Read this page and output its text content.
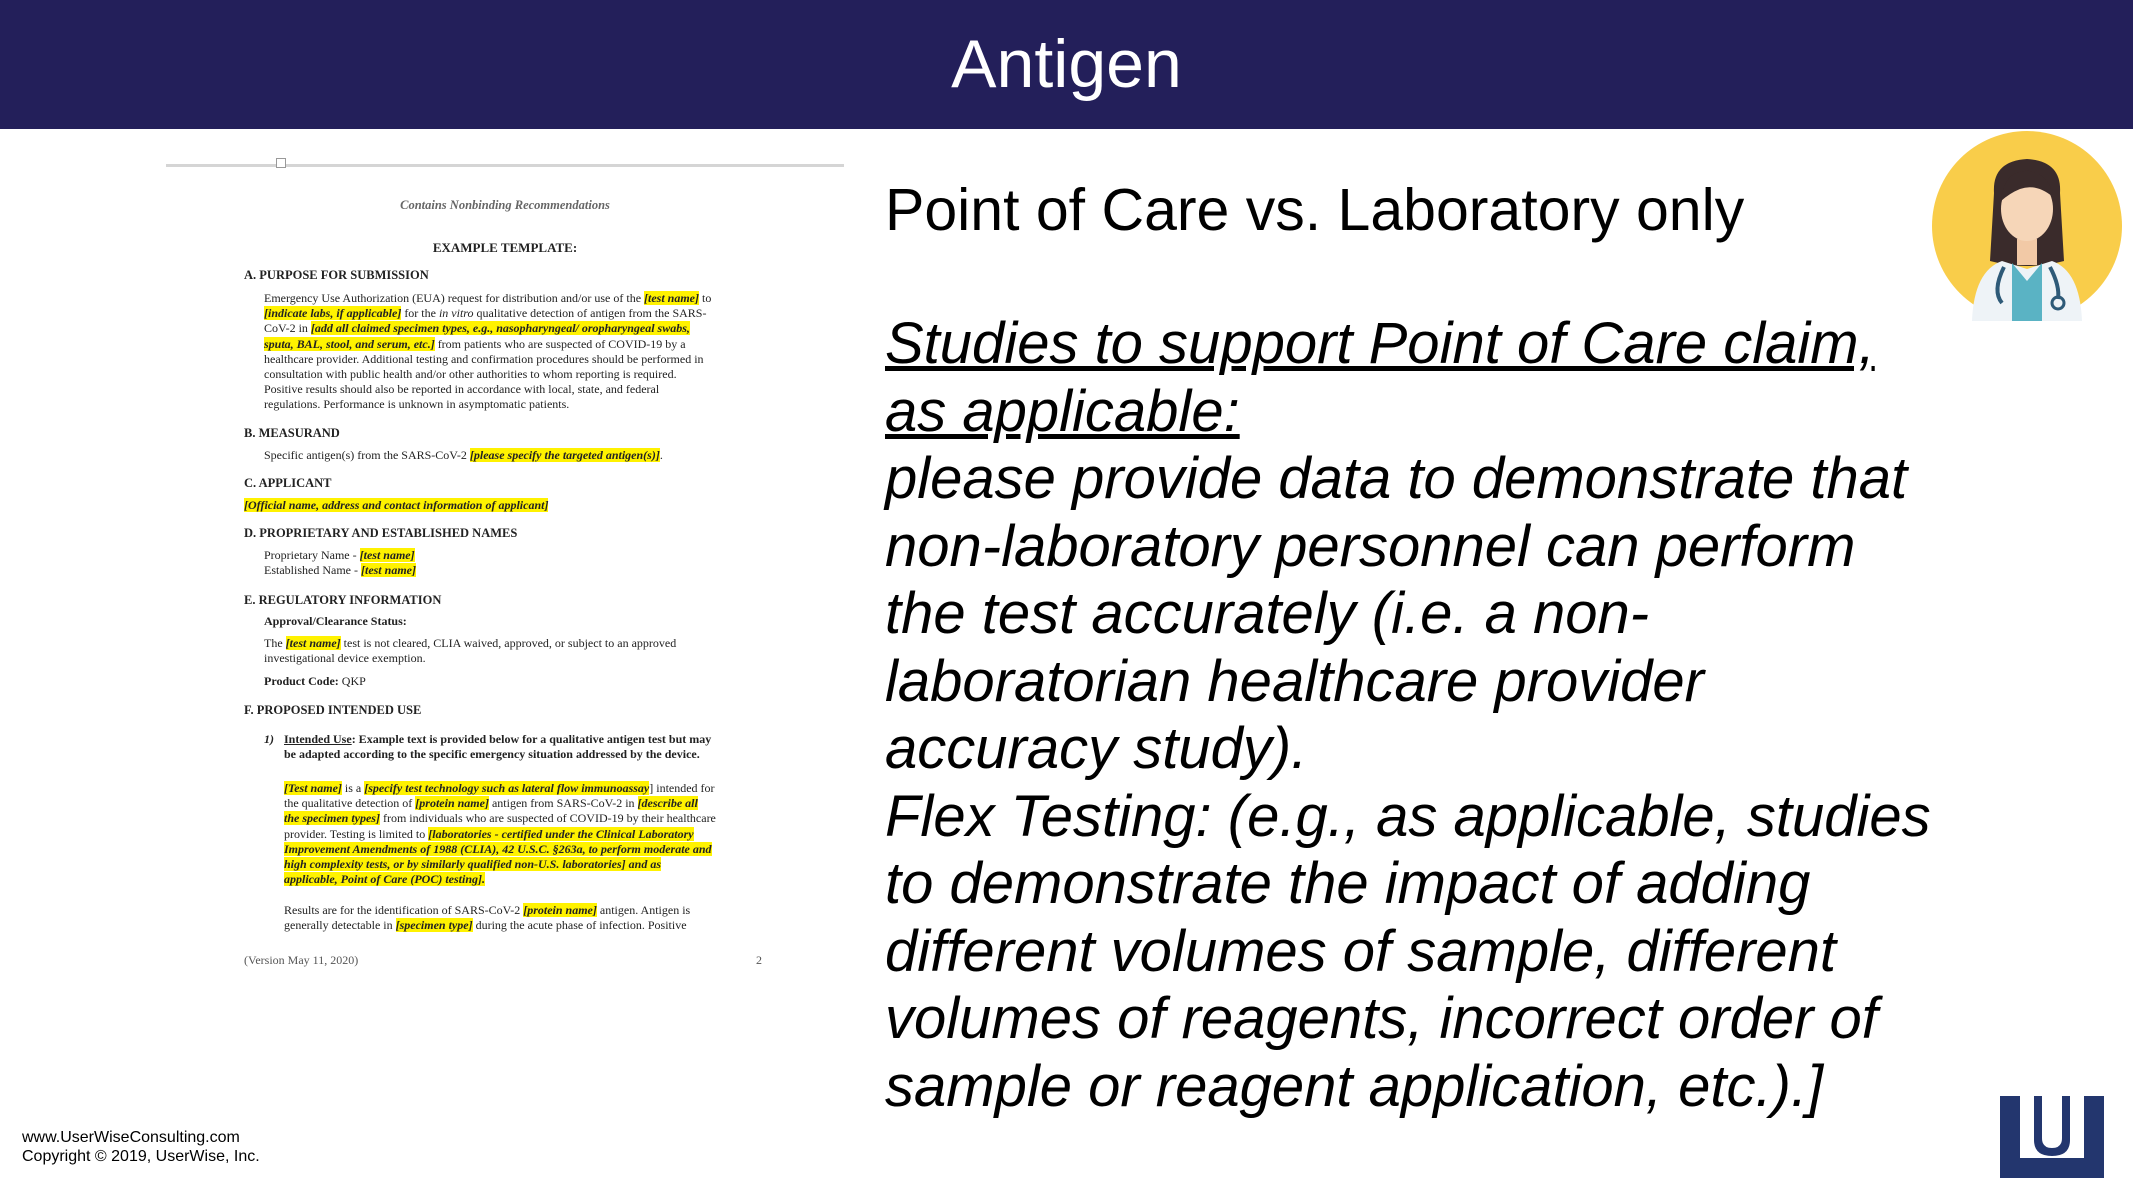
Antigen
Contains Nonbinding Recommendations
EXAMPLE TEMPLATE:
A. PURPOSE FOR SUBMISSION
Emergency Use Authorization (EUA) request for distribution and/or use of the [test name] to
[indicate labs, if applicable] for the in vitro qualitative detection of antigen from the SARS-
CoV-2 in [add all claimed specimen types, e.g., nasopharyngeal/ oropharyngeal swabs,
sputa, BAL, stool, and serum, etc.] from patients who are suspected of COVID-19 by a
healthcare provider. Additional testing and confirmation procedures should be performed in
consultation with public health and/or other authorities to whom reporting is required.
Positive results should also be reported in accordance with local, state, and federal
regulations. Performance is unknown in asymptomatic patients.
B. MEASURAND
Specific antigen(s) from the SARS-CoV-2 [please specify the targeted antigen(s)].
C. APPLICANT
[Official name, address and contact information of applicant]
D. PROPRIETARY AND ESTABLISHED NAMES
Proprietary Name - [test name]
Established Name - [test name]
E. REGULATORY INFORMATION
Approval/Clearance Status:
The [test name] test is not cleared, CLIA waived, approved, or subject to an approved
investigational device exemption.
Product Code: QKP
F. PROPOSED INTENDED USE
1) Intended Use: Example text is provided below for a qualitative antigen test but may
be adapted according to the specific emergency situation addressed by the device.
[Test name] is a [specify test technology such as lateral flow immunoassay] intended for
the qualitative detection of [protein name] antigen from SARS-CoV-2 in [describe all
the specimen types] from individuals who are suspected of COVID-19 by their healthcare
provider. Testing is limited to [laboratories - certified under the Clinical Laboratory
Improvement Amendments of 1988 (CLIA), 42 U.S.C. §263a, to perform moderate and
high complexity tests, or by similarly qualified non-U.S. laboratories] and as
applicable, Point of Care (POC) testing].
Results are for the identification of SARS-CoV-2 [protein name] antigen. Antigen is
generally detectable in [specimen type] during the acute phase of infection. Positive
(Version May 11, 2020)	2
Point of Care vs. Laboratory only
Studies to support Point of Care claim,
as applicable:
please provide data to demonstrate that
non-laboratory personnel can perform
the test accurately (i.e. a non-
laboratorian healthcare provider
accuracy study).
Flex Testing: (e.g., as applicable, studies
to demonstrate the impact of adding
different volumes of sample, different
volumes of reagents, incorrect order of
sample or reagent application, etc.).]
www.UserWiseConsulting.com
Copyright © 2019, UserWise, Inc.
